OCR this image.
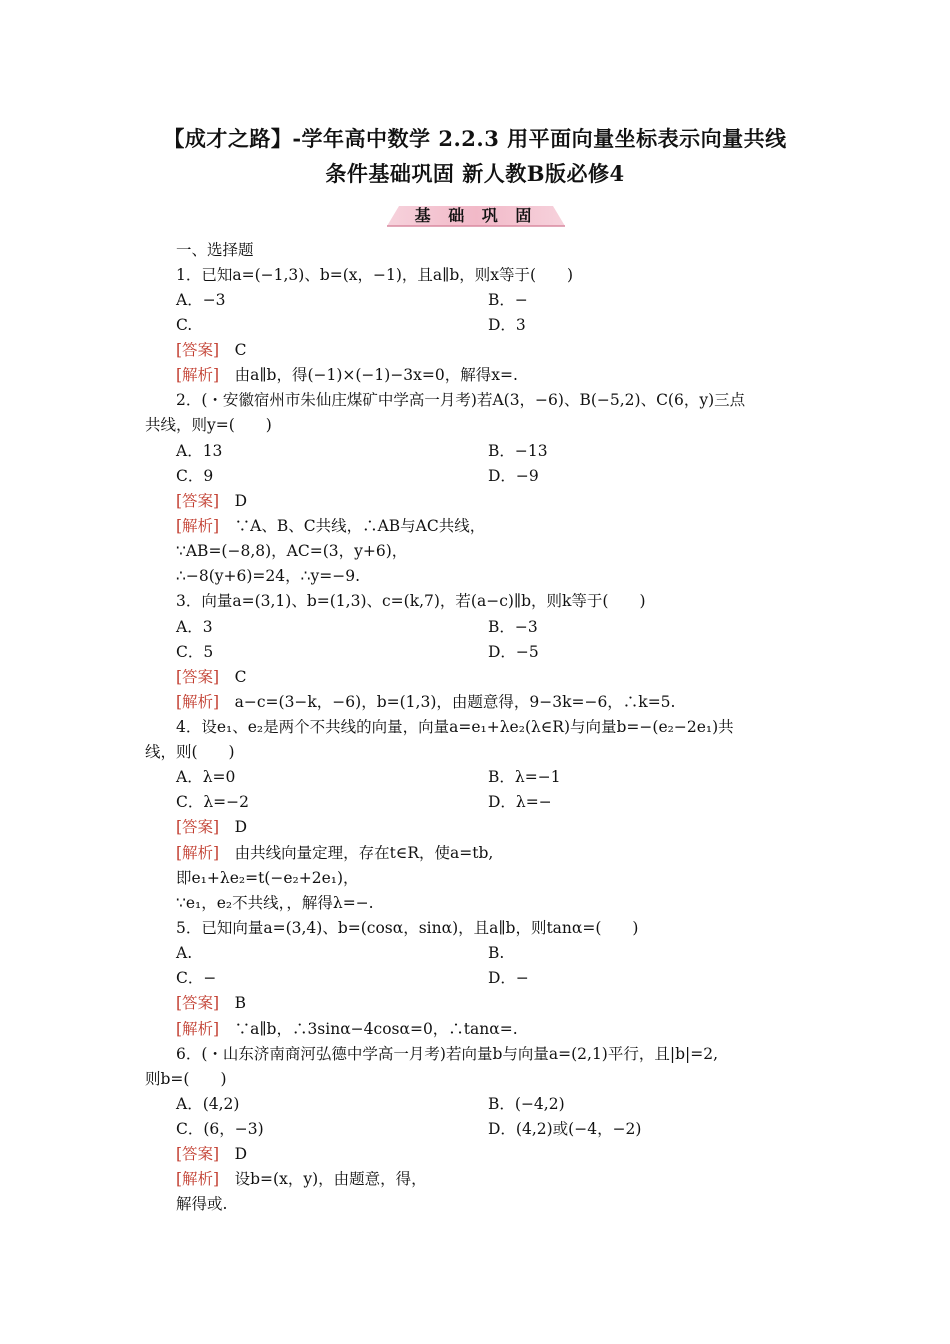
【成才之路】-学年高中数学 2.2.3 用平面向量坐标表示向量共线
条件基础巩固 新人教B版必修4
基 础 巩 固
一、选择题
1．已知a=(−1,3)、b=(x，−1)，且a∥b，则x等于(　　)
A．−3	B．−
C.	D．3
[答案]　 C
[解析]　 由a∥b，得(−1)×(−1)−3x=0，解得x=.
2．(・安徽宿州市朱仙庄煤矿中学高一月考)若A(3，−6)、B(−5,2)、C(6，y)三点
共线，则y=(　　)
A．13	B．−13
C．9	D．−9
[答案]　 D
[解析]　 ∵A、B、C共线，∴AB与AC共线，
∵AB=(−8,8)，AC=(3，y+6)，
∴−8(y+6)=24，∴y=−9.
3．向量a=(3,1)、b=(1,3)、c=(k,7)，若(a−c)∥b，则k等于(　　)
A．3	B．−3
C．5	D．−5
[答案]　 C
[解析]　 a−c=(3−k，−6)，b=(1,3)，由题意得，9−3k=−6，∴k=5.
4．设e₁、e₂是两个不共线的向量，向量a=e₁+λe₂(λ∈R)与向量b=−(e₂−2e₁)共
线，则(　　)
A．λ=0	B．λ=−1
C．λ=−2	D．λ=−
[答案]　 D
[解析]　 由共线向量定理，存在t∈R，使a=tb,
即e₁+λe₂=t(−e₂+2e₁)，
∵e₁，e₂不共线，，解得λ=−.
5．已知向量a=(3,4)、b=(cosα，sinα)，且a∥b，则tanα=(　　)
A.	B.
C．−	D．−
[答案]　 B
[解析]　 ∵a∥b，∴3sinα−4cosα=0，∴tanα=.
6．(・山东济南商河弘德中学高一月考)若向量b与向量a=(2,1)平行，且|b|=2,
则b=(　　)
A．(4,2)	B．(−4,2)
C．(6，−3)	D．(4,2)或(−4，−2)
[答案]　 D
[解析]　 设b=(x，y)，由题意，得，
解得或.
